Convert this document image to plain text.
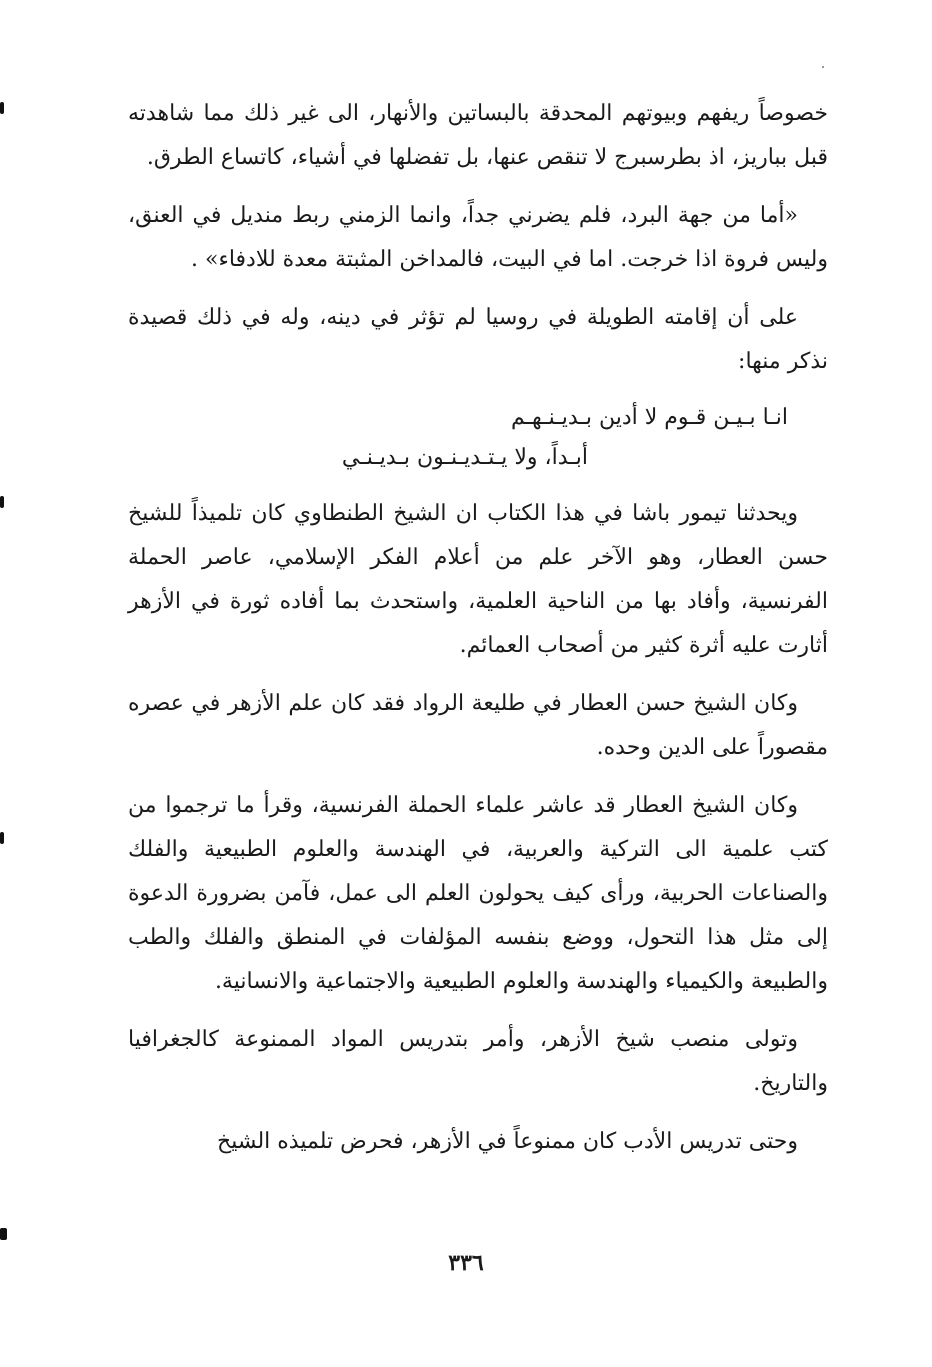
خصوصاً ريفهم وبيوتهم المحدقة بالبساتين والأنهار، الى غير ذلك مما شاهدته قبل بباريز، اذ بطرسبرج لا تنقص عنها، بل تفضلها في أشياء، كاتساع الطرق.

«أما من جهة البرد، فلم يضرني جداً، وانما الزمني ربط منديل في العنق، وليس فروة اذا خرجت. اما في البيت، فالمداخن المثبتة معدة للادفاء» .

على أن إقامته الطويلة في روسيا لم تؤثر في دينه، وله في ذلك قصيدة نذكر منها:

انـا بـيـن قـوم لا أدين بـديـنـهـم
أبـداً، ولا يـتـديـنـون بـديـنـي

ويحدثنا تيمور باشا في هذا الكتاب ان الشيخ الطنطاوي كان تلميذاً للشيخ حسن العطار، وهو الآخر علم من أعلام الفكر الإسلامي، عاصر الحملة الفرنسية، وأفاد بها من الناحية العلمية، واستحدث بما أفاده ثورة في الأزهر أثارت عليه أثرة كثير من أصحاب العمائم.

وكان الشيخ حسن العطار في طليعة الرواد فقد كان علم الأزهر في عصره مقصوراً على الدين وحده.

وكان الشيخ العطار قد عاشر علماء الحملة الفرنسية، وقرأ ما ترجموا من كتب علمية الى التركية والعربية، في الهندسة والعلوم الطبيعية والفلك والصناعات الحربية، ورأى كيف يحولون العلم الى عمل، فآمن بضرورة الدعوة إلى مثل هذا التحول، ووضع بنفسه المؤلفات في المنطق والفلك والطب والطبيعة والكيمياء والهندسة والعلوم الطبيعية والاجتماعية والانسانية.

وتولى منصب شيخ الأزهر، وأمر بتدريس المواد الممنوعة كالجغرافيا والتاريخ.

وحتى تدريس الأدب كان ممنوعاً في الأزهر، فحرض تلميذه الشيخ

٣٣٦
